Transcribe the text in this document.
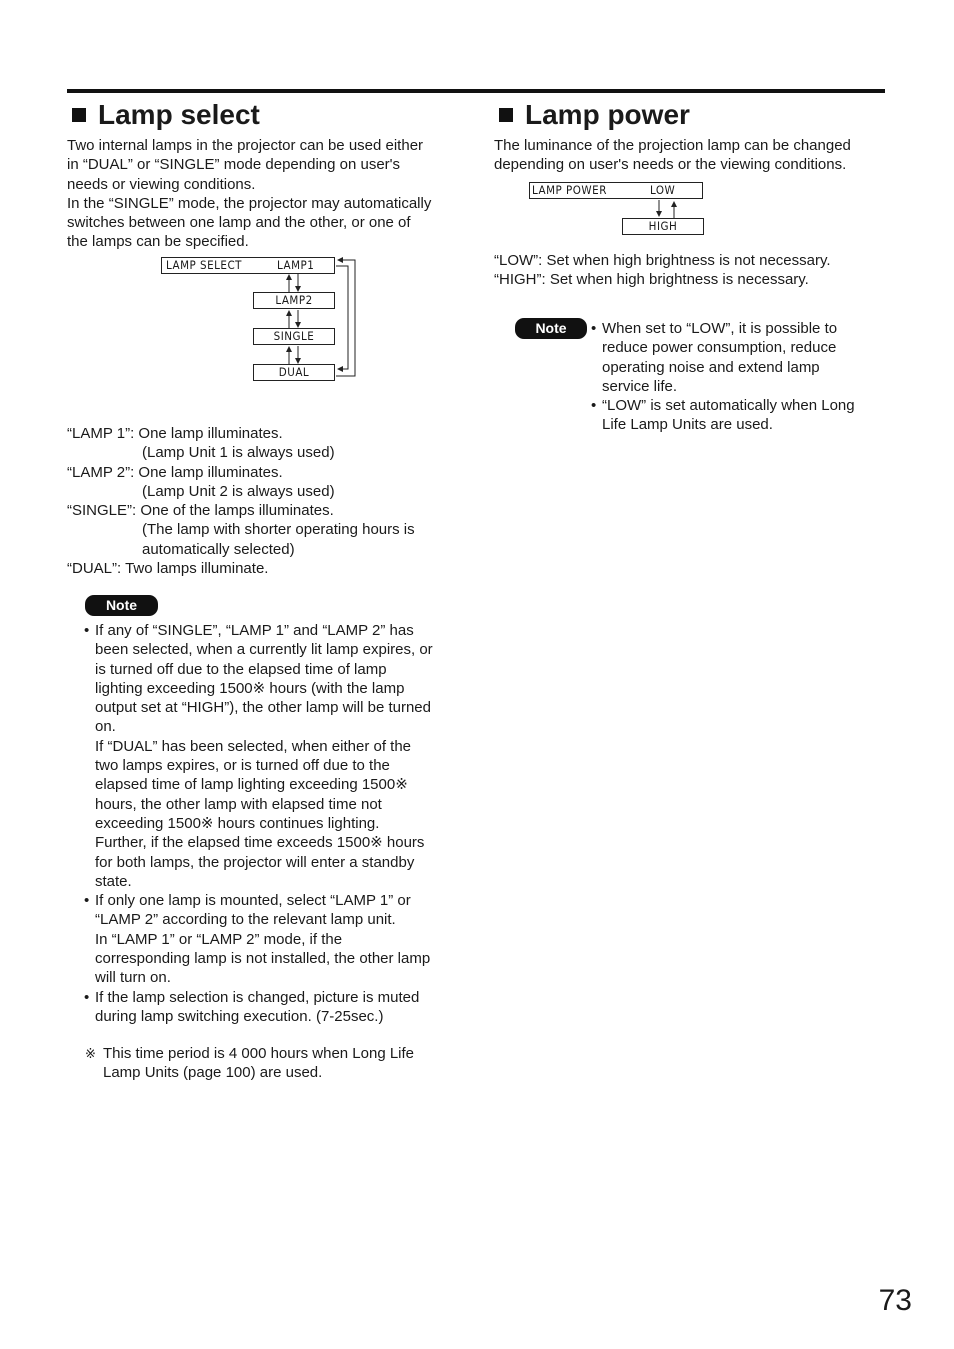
Lamp select

Two internal lamps in the projector can be used either

in “DUAL” or “SINGLE” mode depending on user's

needs or viewing conditions.

In the “SINGLE” mode, the projector may automatically

switches between one lamp and the other, or one of

the lamps can be specified.

LAMP SELECT	LAMP1
LAMP2
SINGLE
DUAL
“LAMP 1”: One lamp illuminates.
(Lamp Unit 1 is always used)
“LAMP 2”: One lamp illuminates.
(Lamp Unit 2 is always used)
“SINGLE”: One of the lamps illuminates.
(The lamp with shorter operating hours is
automatically selected)
“DUAL”: Two lamps illuminate.
Note

• If any of “SINGLE”, “LAMP 1” and “LAMP 2” has

been selected, when a currently lit lamp expires, or

is turned off due to the elapsed time of lamp

lighting exceeding 1500※ hours (with the lamp

output set at “HIGH”), the other lamp will be turned

on.

If “DUAL” has been selected, when either of the

two lamps expires, or is turned off due to the

elapsed time of lamp lighting exceeding 1500※

hours, the other lamp with elapsed time not

exceeding 1500※ hours continues lighting.

Further, if the elapsed time exceeds 1500※ hours

for both lamps, the projector will enter a standby

state.

• If only one lamp is mounted, select “LAMP 1” or

“LAMP 2” according to the relevant lamp unit.

In “LAMP 1” or “LAMP 2” mode, if the

corresponding lamp is not installed, the other lamp

will turn on.

• If the lamp selection is changed, picture is muted

during lamp switching execution. (7-25sec.)

※ This time period is 4 000 hours when Long Life

Lamp Units (page 100) are used.

Lamp power

The luminance of the projection lamp can be changed

depending on user's needs or the viewing conditions.

LAMP POWER	LOW
HIGH
“LOW”: Set when high brightness is not necessary.
“HIGH”: Set when high brightness is necessary.
Note

•	When set to “LOW”, it is possible to

reduce power consumption, reduce

operating noise and extend lamp

service life.

• “LOW” is set automatically when Long

Life Lamp Units are used.

73
